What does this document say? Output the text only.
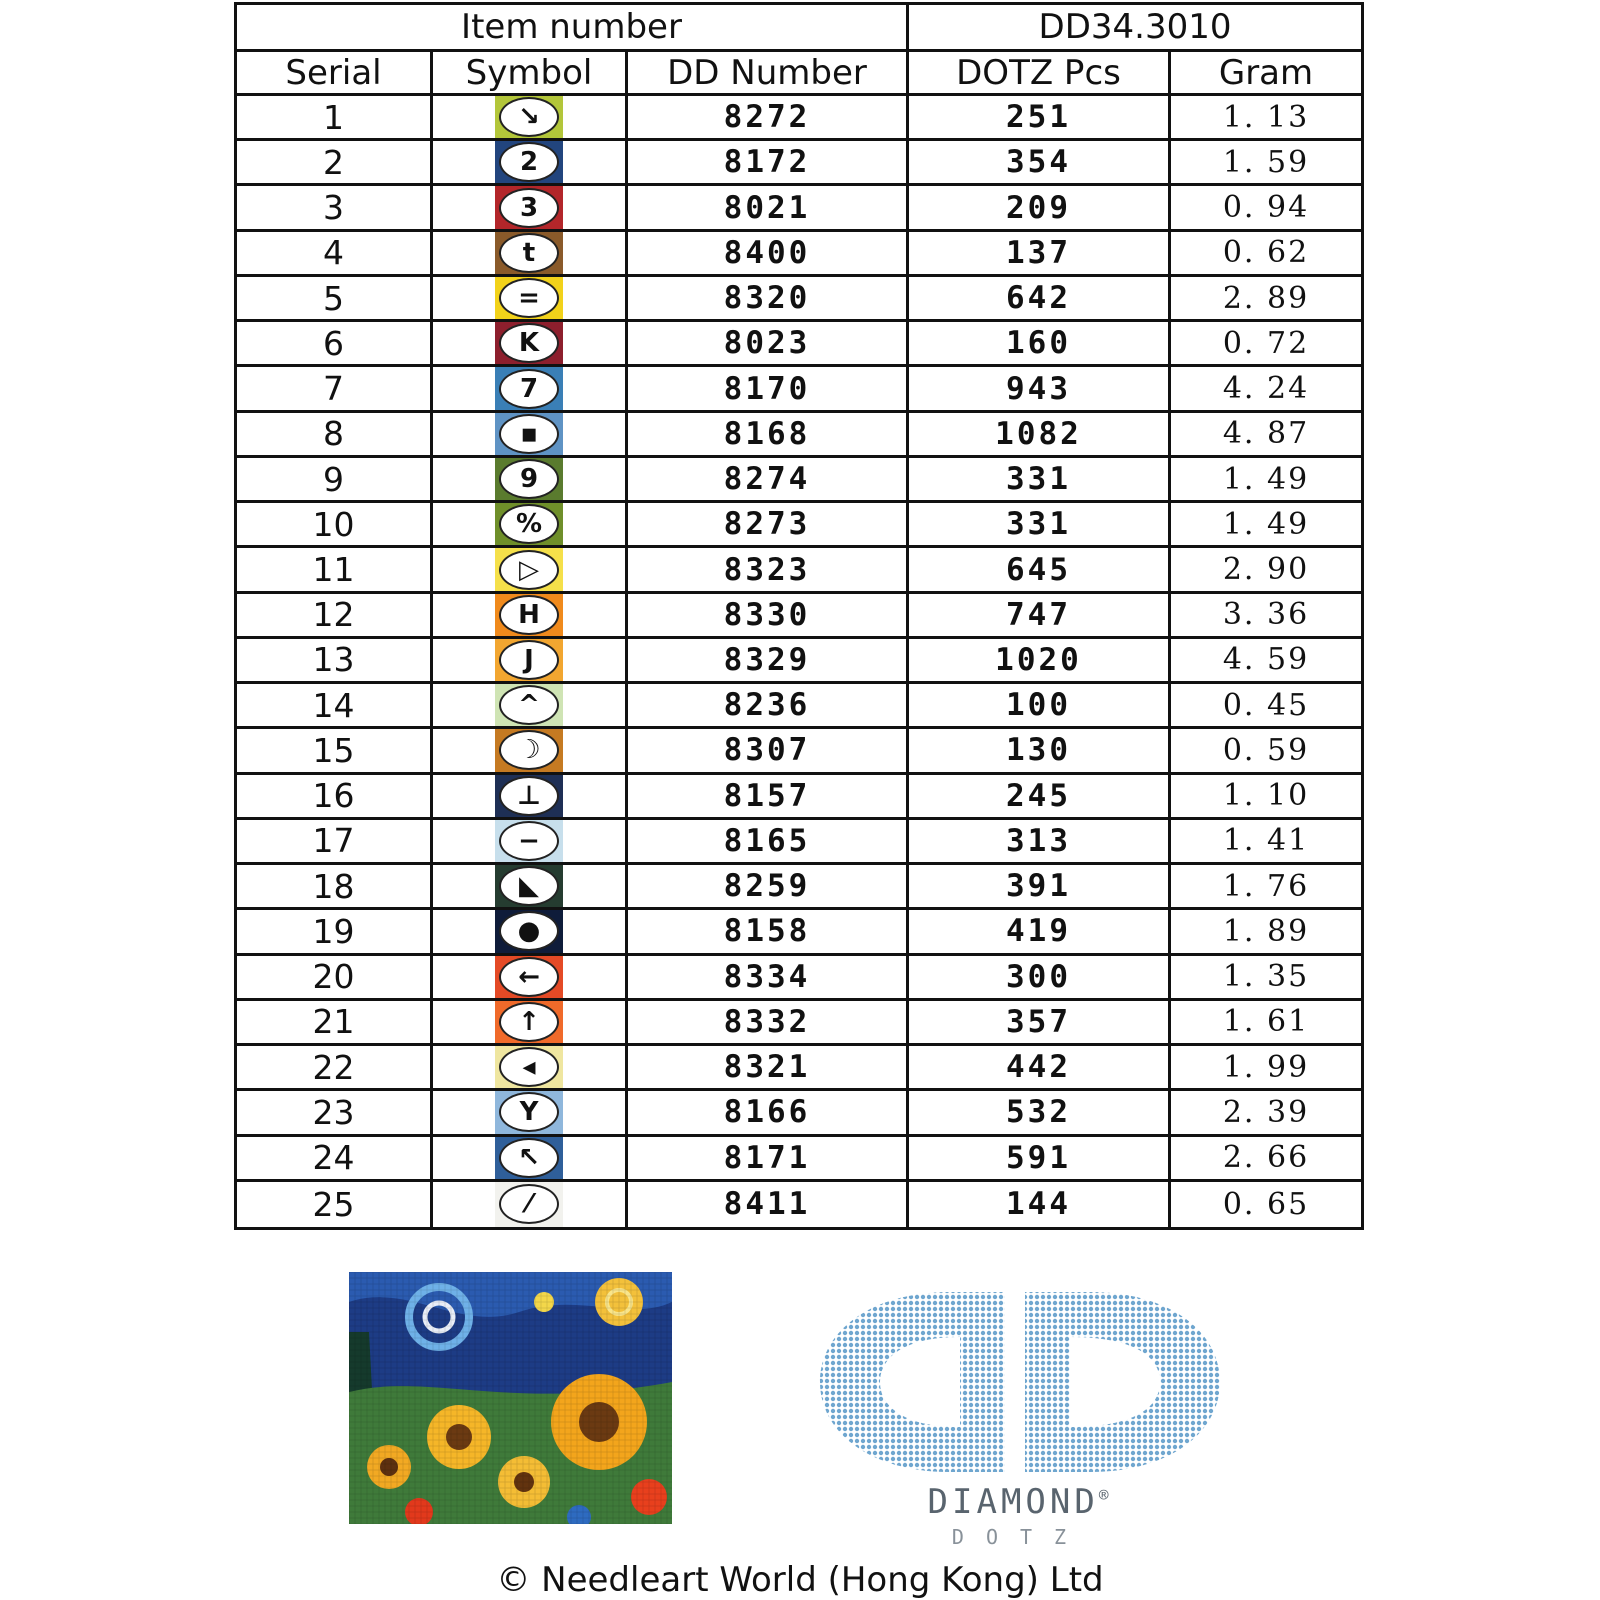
Item number	DD34.3010
Serial	Symbol	DD Number	DOTZ Pcs	Gram
1	↘	8272	251	1. 13
2	2	8172	354	1. 59
3	3	8021	209	0. 94
4	t	8400	137	0. 62
5	=	8320	642	2. 89
6	K	8023	160	0. 72
7	7	8170	943	4. 24
8	▪	8168	1082	4. 87
9	9	8274	331	1. 49
10	%	8273	331	1. 49
11	▷	8323	645	2. 90
12	H	8330	747	3. 36
13	J	8329	1020	4. 59
14	^	8236	100	0. 45
15	☽	8307	130	0. 59
16	⊥	8157	245	1. 10
17	−	8165	313	1. 41
18	◣	8259	391	1. 76
19	●	8158	419	1. 89
20	←	8334	300	1. 35
21	↑	8332	357	1. 61
22	◂	8321	442	1. 99
23	Y	8166	532	2. 39
24	↖	8171	591	2. 66
25	⁄	8411	144	0. 65
DIAMOND®
DOTZ
© Needleart World (Hong Kong) Ltd
